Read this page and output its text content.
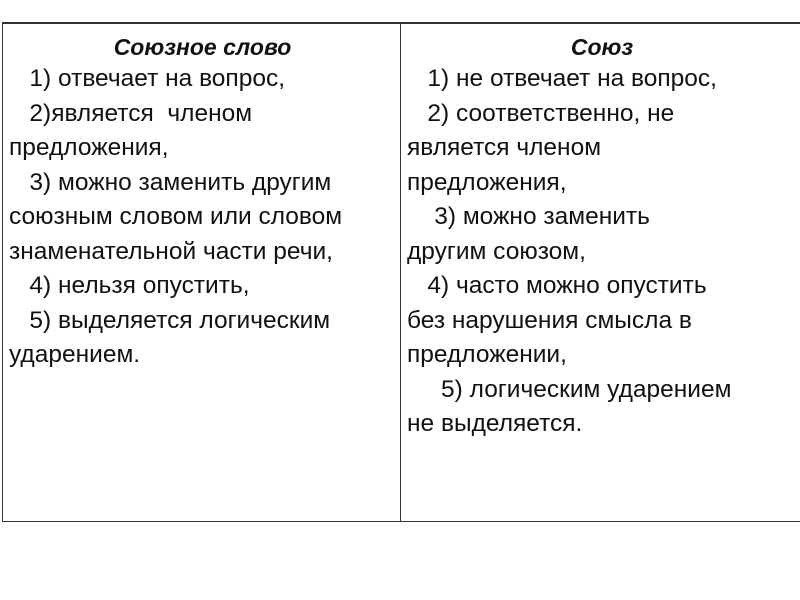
Союзное слово

1) отвечает на вопрос,

2)является  членом

предложения,

3) можно заменить другим

союзным словом или словом

знаменательной части речи,

4) нельзя опустить,

5) выделяется логическим

ударением.

Союз

1) не отвечает на вопрос,

2) соответственно, не

является членом

предложения,

3) можно заменить

другим союзом,

4) часто можно опустить

без нарушения смысла в

предложении,

5) логическим ударением

не выделяется.
